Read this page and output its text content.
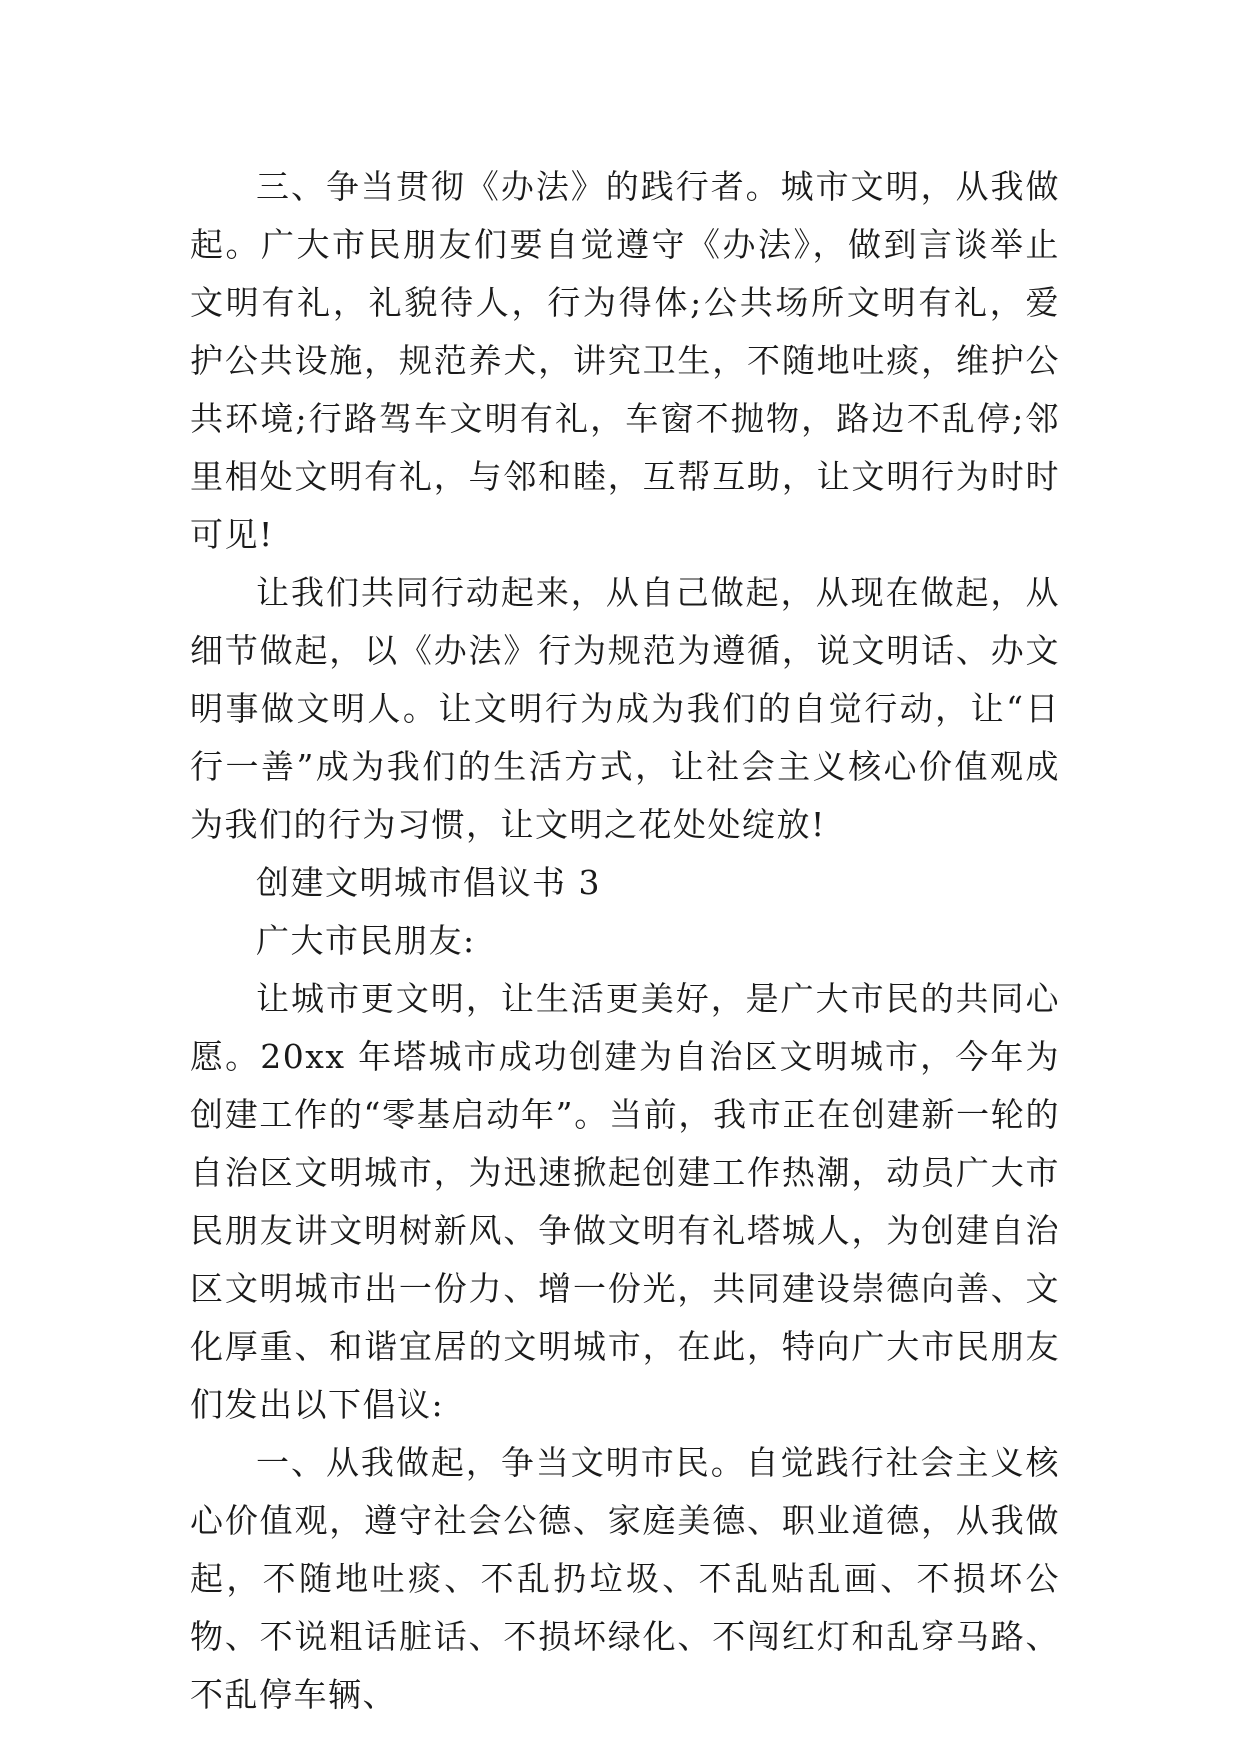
三、争当贯彻《办法》的践行者。城市文明，从我做起。广大市民朋友们要自觉遵守《办法》，做到言谈举止文明有礼，礼貌待人，行为得体;公共场所文明有礼，爱护公共设施，规范养犬，讲究卫生，不随地吐痰，维护公共环境;行路驾车文明有礼，车窗不抛物，路边不乱停;邻里相处文明有礼，与邻和睦，互帮互助，让文明行为时时可见!

让我们共同行动起来，从自己做起，从现在做起，从细节做起，以《办法》行为规范为遵循，说文明话、办文明事做文明人。让文明行为成为我们的自觉行动，让“日行一善”成为我们的生活方式，让社会主义核心价值观成为我们的行为习惯，让文明之花处处绽放!

创建文明城市倡议书 3

广大市民朋友:

让城市更文明，让生活更美好，是广大市民的共同心愿。20xx 年塔城市成功创建为自治区文明城市，今年为创建工作的“零基启动年”。当前，我市正在创建新一轮的自治区文明城市，为迅速掀起创建工作热潮，动员广大市民朋友讲文明树新风、争做文明有礼塔城人，为创建自治区文明城市出一份力、增一份光，共同建设崇德向善、文化厚重、和谐宜居的文明城市，在此，特向广大市民朋友们发出以下倡议:

一、从我做起，争当文明市民。自觉践行社会主义核心价值观，遵守社会公德、家庭美德、职业道德，从我做起，不随地吐痰、不乱扔垃圾、不乱贴乱画、不损坏公物、不说粗话脏话、不损坏绿化、不闯红灯和乱穿马路、不乱停车辆、
